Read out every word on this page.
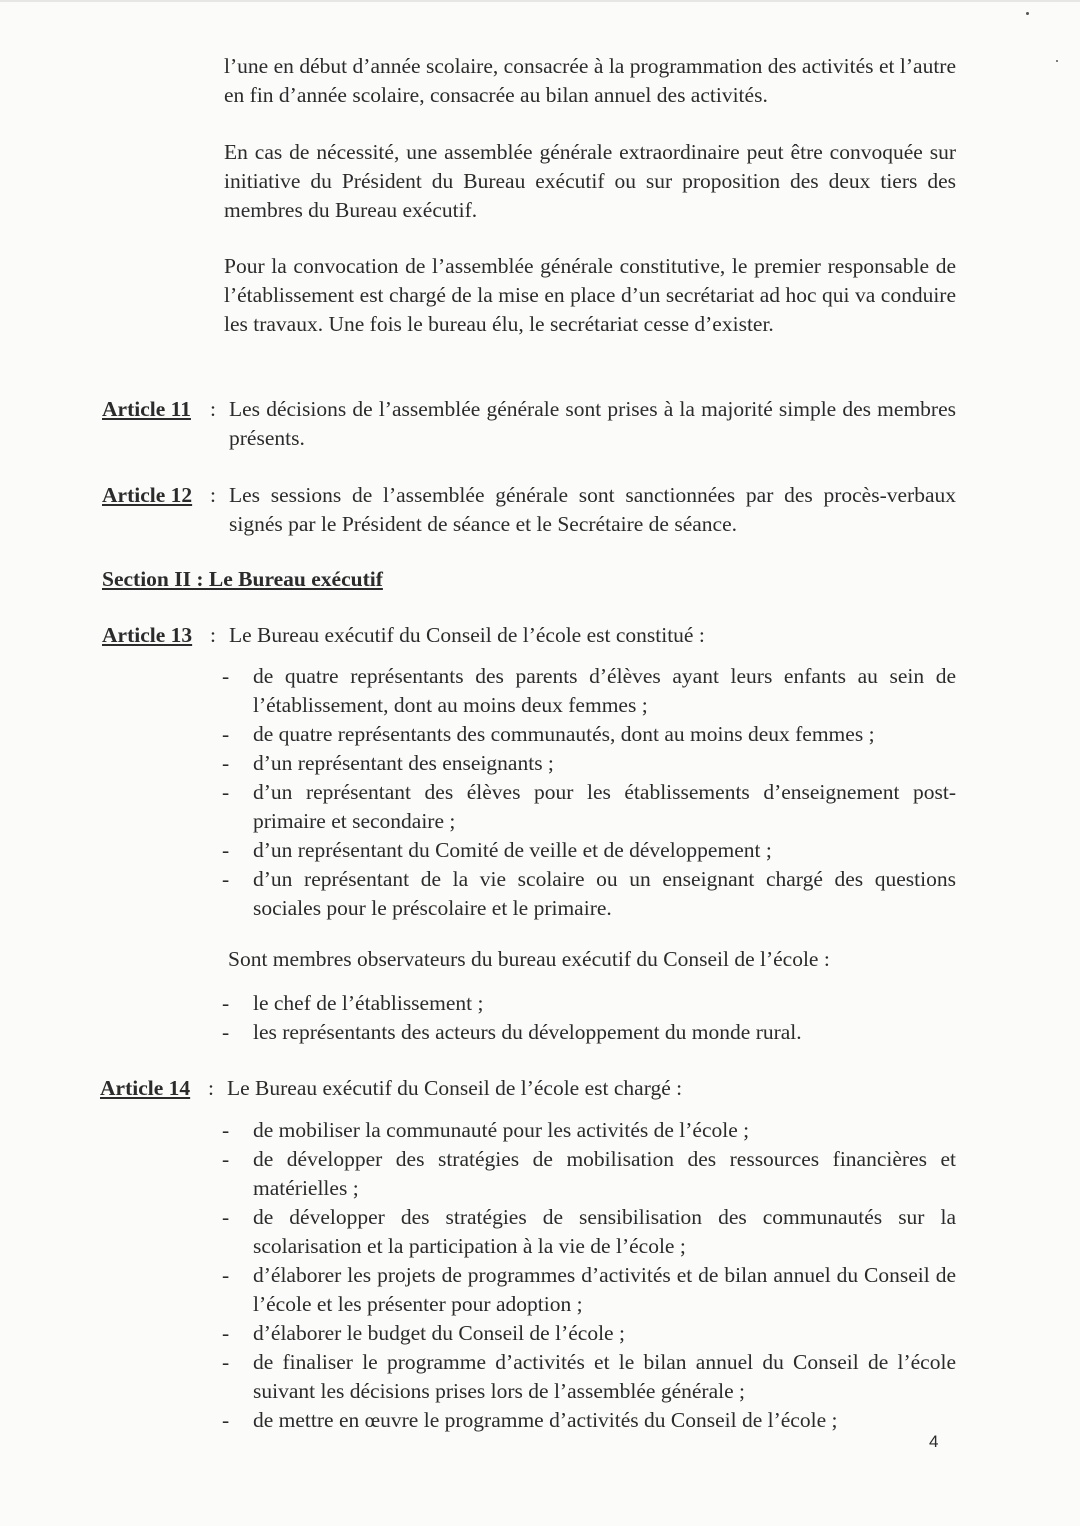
l’une en début d’année scolaire, consacrée à la programmation des activités et l’autre en fin d’année scolaire, consacrée au bilan annuel des activités.

En cas de nécessité, une assemblée générale extraordinaire peut être convoquée sur initiative du Président du Bureau exécutif ou sur proposition des deux tiers des membres du Bureau exécutif.

Pour la convocation de l’assemblée générale constitutive, le premier responsable de l’établissement est chargé de la mise en place d’un secrétariat ad hoc qui va conduire les travaux. Une fois le bureau élu, le secrétariat cesse d’exister.

Article 11 : Les décisions de l’assemblée générale sont prises à la majorité simple des membres présents.
Article 12 : Les sessions de l’assemblée générale sont sanctionnées par des procès-verbaux signés par le Président de séance et le Secrétaire de séance.
Section II : Le Bureau exécutif
Article 13 : Le Bureau exécutif du Conseil de l’école est constitué :
- de quatre représentants des parents d’élèves ayant leurs enfants au sein de l’établissement, dont au moins deux femmes ;
- de quatre représentants des communautés, dont au moins deux femmes ;
- d’un représentant des enseignants ;
- d’un représentant des élèves pour les établissements d’enseignement post-primaire et secondaire ;
- d’un représentant du Comité de veille et de développement ;
- d’un représentant de la vie scolaire ou un enseignant chargé des questions sociales pour le préscolaire et le primaire.

Sont membres observateurs du bureau exécutif du Conseil de l’école :

- le chef de l’établissement ;
- les représentants des acteurs du développement du monde rural.
Article 14 : Le Bureau exécutif du Conseil de l’école est chargé :
- de mobiliser la communauté pour les activités de l’école ;
- de développer des stratégies de mobilisation des ressources financières et matérielles ;
- de développer des stratégies de sensibilisation des communautés sur la scolarisation et la participation à la vie de l’école ;
- d’élaborer les projets de programmes d’activités et de bilan annuel du Conseil de l’école et les présenter pour adoption ;
- d’élaborer le budget du Conseil de l’école ;
- de finaliser le programme d’activités et le bilan annuel du Conseil de l’école suivant les décisions prises lors de l’assemblée générale ;
- de mettre en œuvre le programme d’activités du Conseil de l’école ;
4
